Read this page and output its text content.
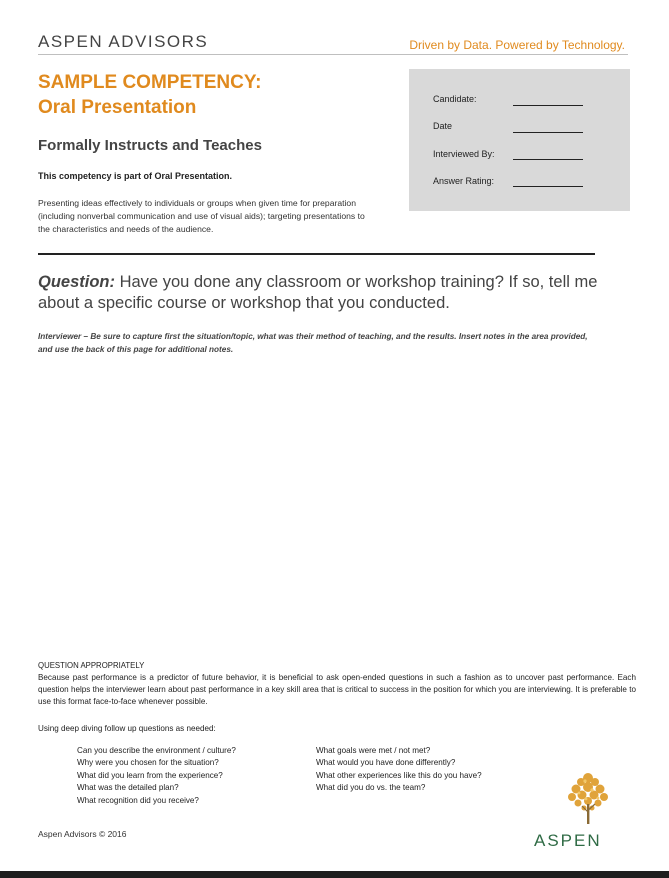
ASPEN ADVISORS	Driven by Data. Powered by Technology.
SAMPLE COMPETENCY:
Oral Presentation
Formally Instructs and Teaches
This competency is part of Oral Presentation.
Presenting ideas effectively to individuals or groups when given time for preparation (including nonverbal communication and use of visual aids); targeting presentations to the characteristics and needs of the audience.
Candidate:
Date
Interviewed By:
Answer Rating:
Question: Have you done any classroom or workshop training? If so, tell me about a specific course or workshop that you conducted.
Interviewer – Be sure to capture first the situation/topic, what was their method of teaching, and the results. Insert notes in the area provided, and use the back of this page for additional notes.
QUESTION APPROPRIATELY
Because past performance is a predictor of future behavior, it is beneficial to ask open-ended questions in such a fashion as to uncover past performance. Each question helps the interviewer learn about past performance in a key skill area that is critical to success in the position for which you are interviewing. It is preferable to use this format face-to-face whenever possible.
Using deep diving follow up questions as needed:
Can you describe the environment / culture?
Why were you chosen for the situation?
What did you learn from the experience?
What was the detailed plan?
What recognition did you receive?
What goals were met / not met?
What would you have done differently?
What other experiences like this do you have?
What did you do vs. the team?
Aspen Advisors © 2016	ASPEN
